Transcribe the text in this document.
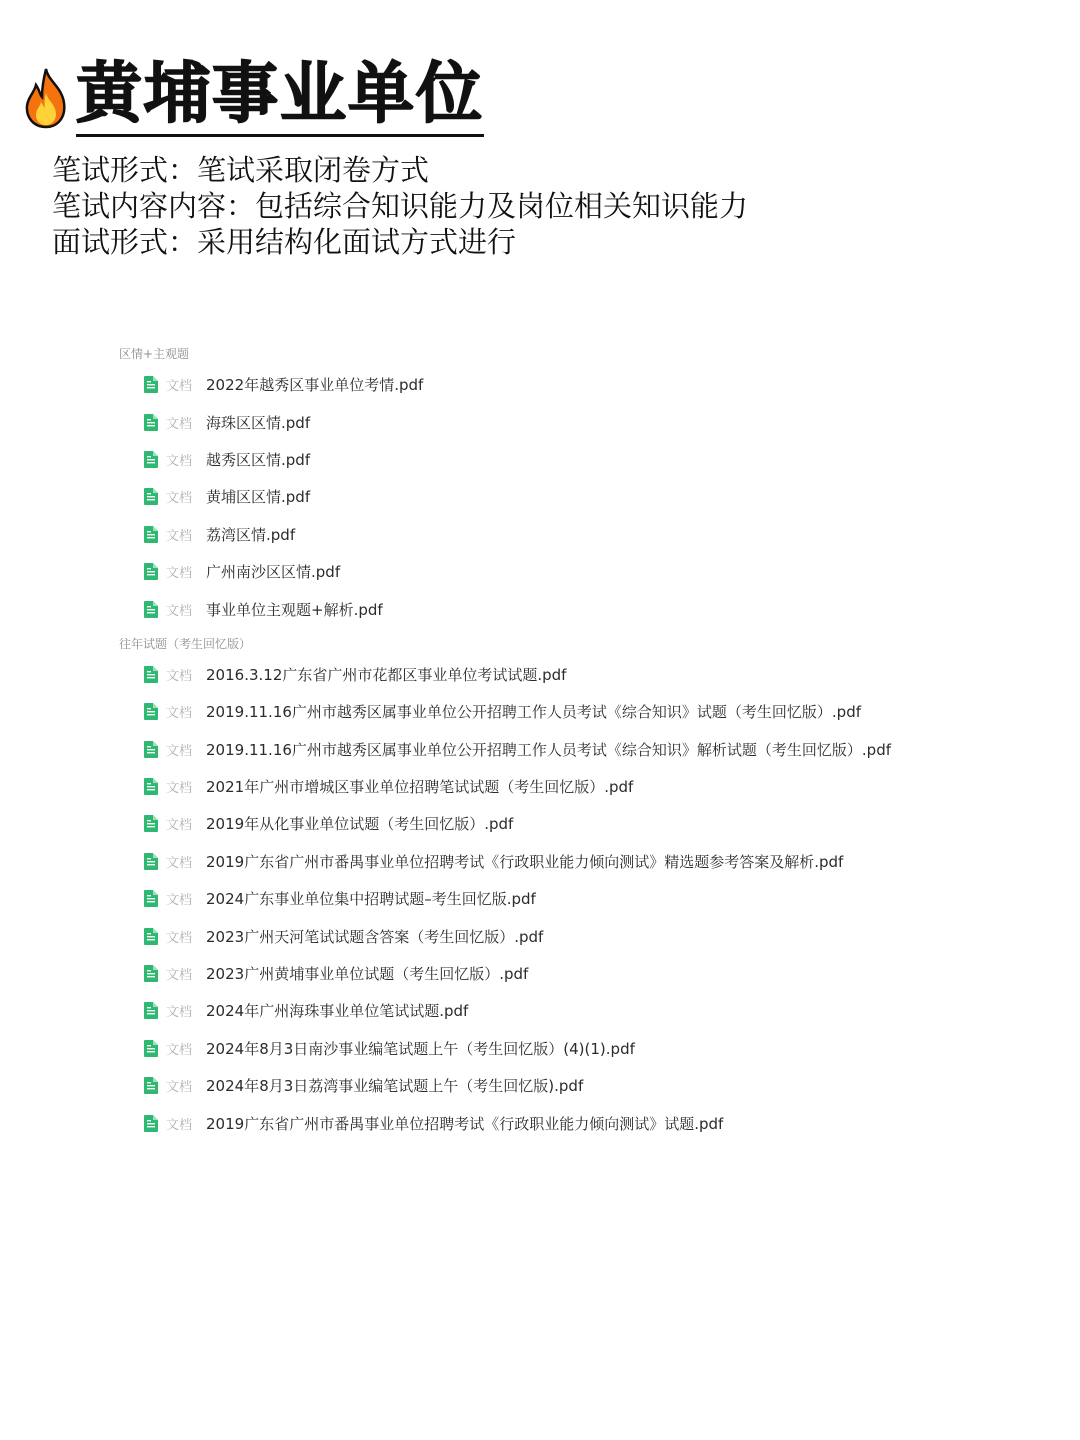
黄埔事业单位
笔试形式：笔试采取闭卷方式
笔试内容内容：包括综合知识能力及岗位相关知识能力
面试形式：采用结构化面试方式进行
区情+主观题
文档 2022年越秀区事业单位考情.pdf
文档 海珠区区情.pdf
文档 越秀区区情.pdf
文档 黄埔区区情.pdf
文档 荔湾区情.pdf
文档 广州南沙区区情.pdf
文档 事业单位主观题+解析.pdf
往年试题（考生回忆版）
文档 2016.3.12广东省广州市花都区事业单位考试试题.pdf
文档 2019.11.16广州市越秀区属事业单位公开招聘工作人员考试《综合知识》试题（考生回忆版）.pdf
文档 2019.11.16广州市越秀区属事业单位公开招聘工作人员考试《综合知识》解析试题（考生回忆版）.pdf
文档 2021年广州市增城区事业单位招聘笔试试题（考生回忆版）.pdf
文档 2019年从化事业单位试题（考生回忆版）.pdf
文档 2019广东省广州市番禺事业单位招聘考试《行政职业能力倾向测试》精选题参考答案及解析.pdf
文档 2024广东事业单位集中招聘试题–考生回忆版.pdf
文档 2023广州天河笔试试题含答案（考生回忆版）.pdf
文档 2023广州黄埔事业单位试题（考生回忆版）.pdf
文档 2024年广州海珠事业单位笔试试题.pdf
文档 2024年8月3日南沙事业编笔试题上午（考生回忆版）(4)(1).pdf
文档 2024年8月3日荔湾事业编笔试题上午（考生回忆版).pdf
文档 2019广东省广州市番禺事业单位招聘考试《行政职业能力倾向测试》试题.pdf
